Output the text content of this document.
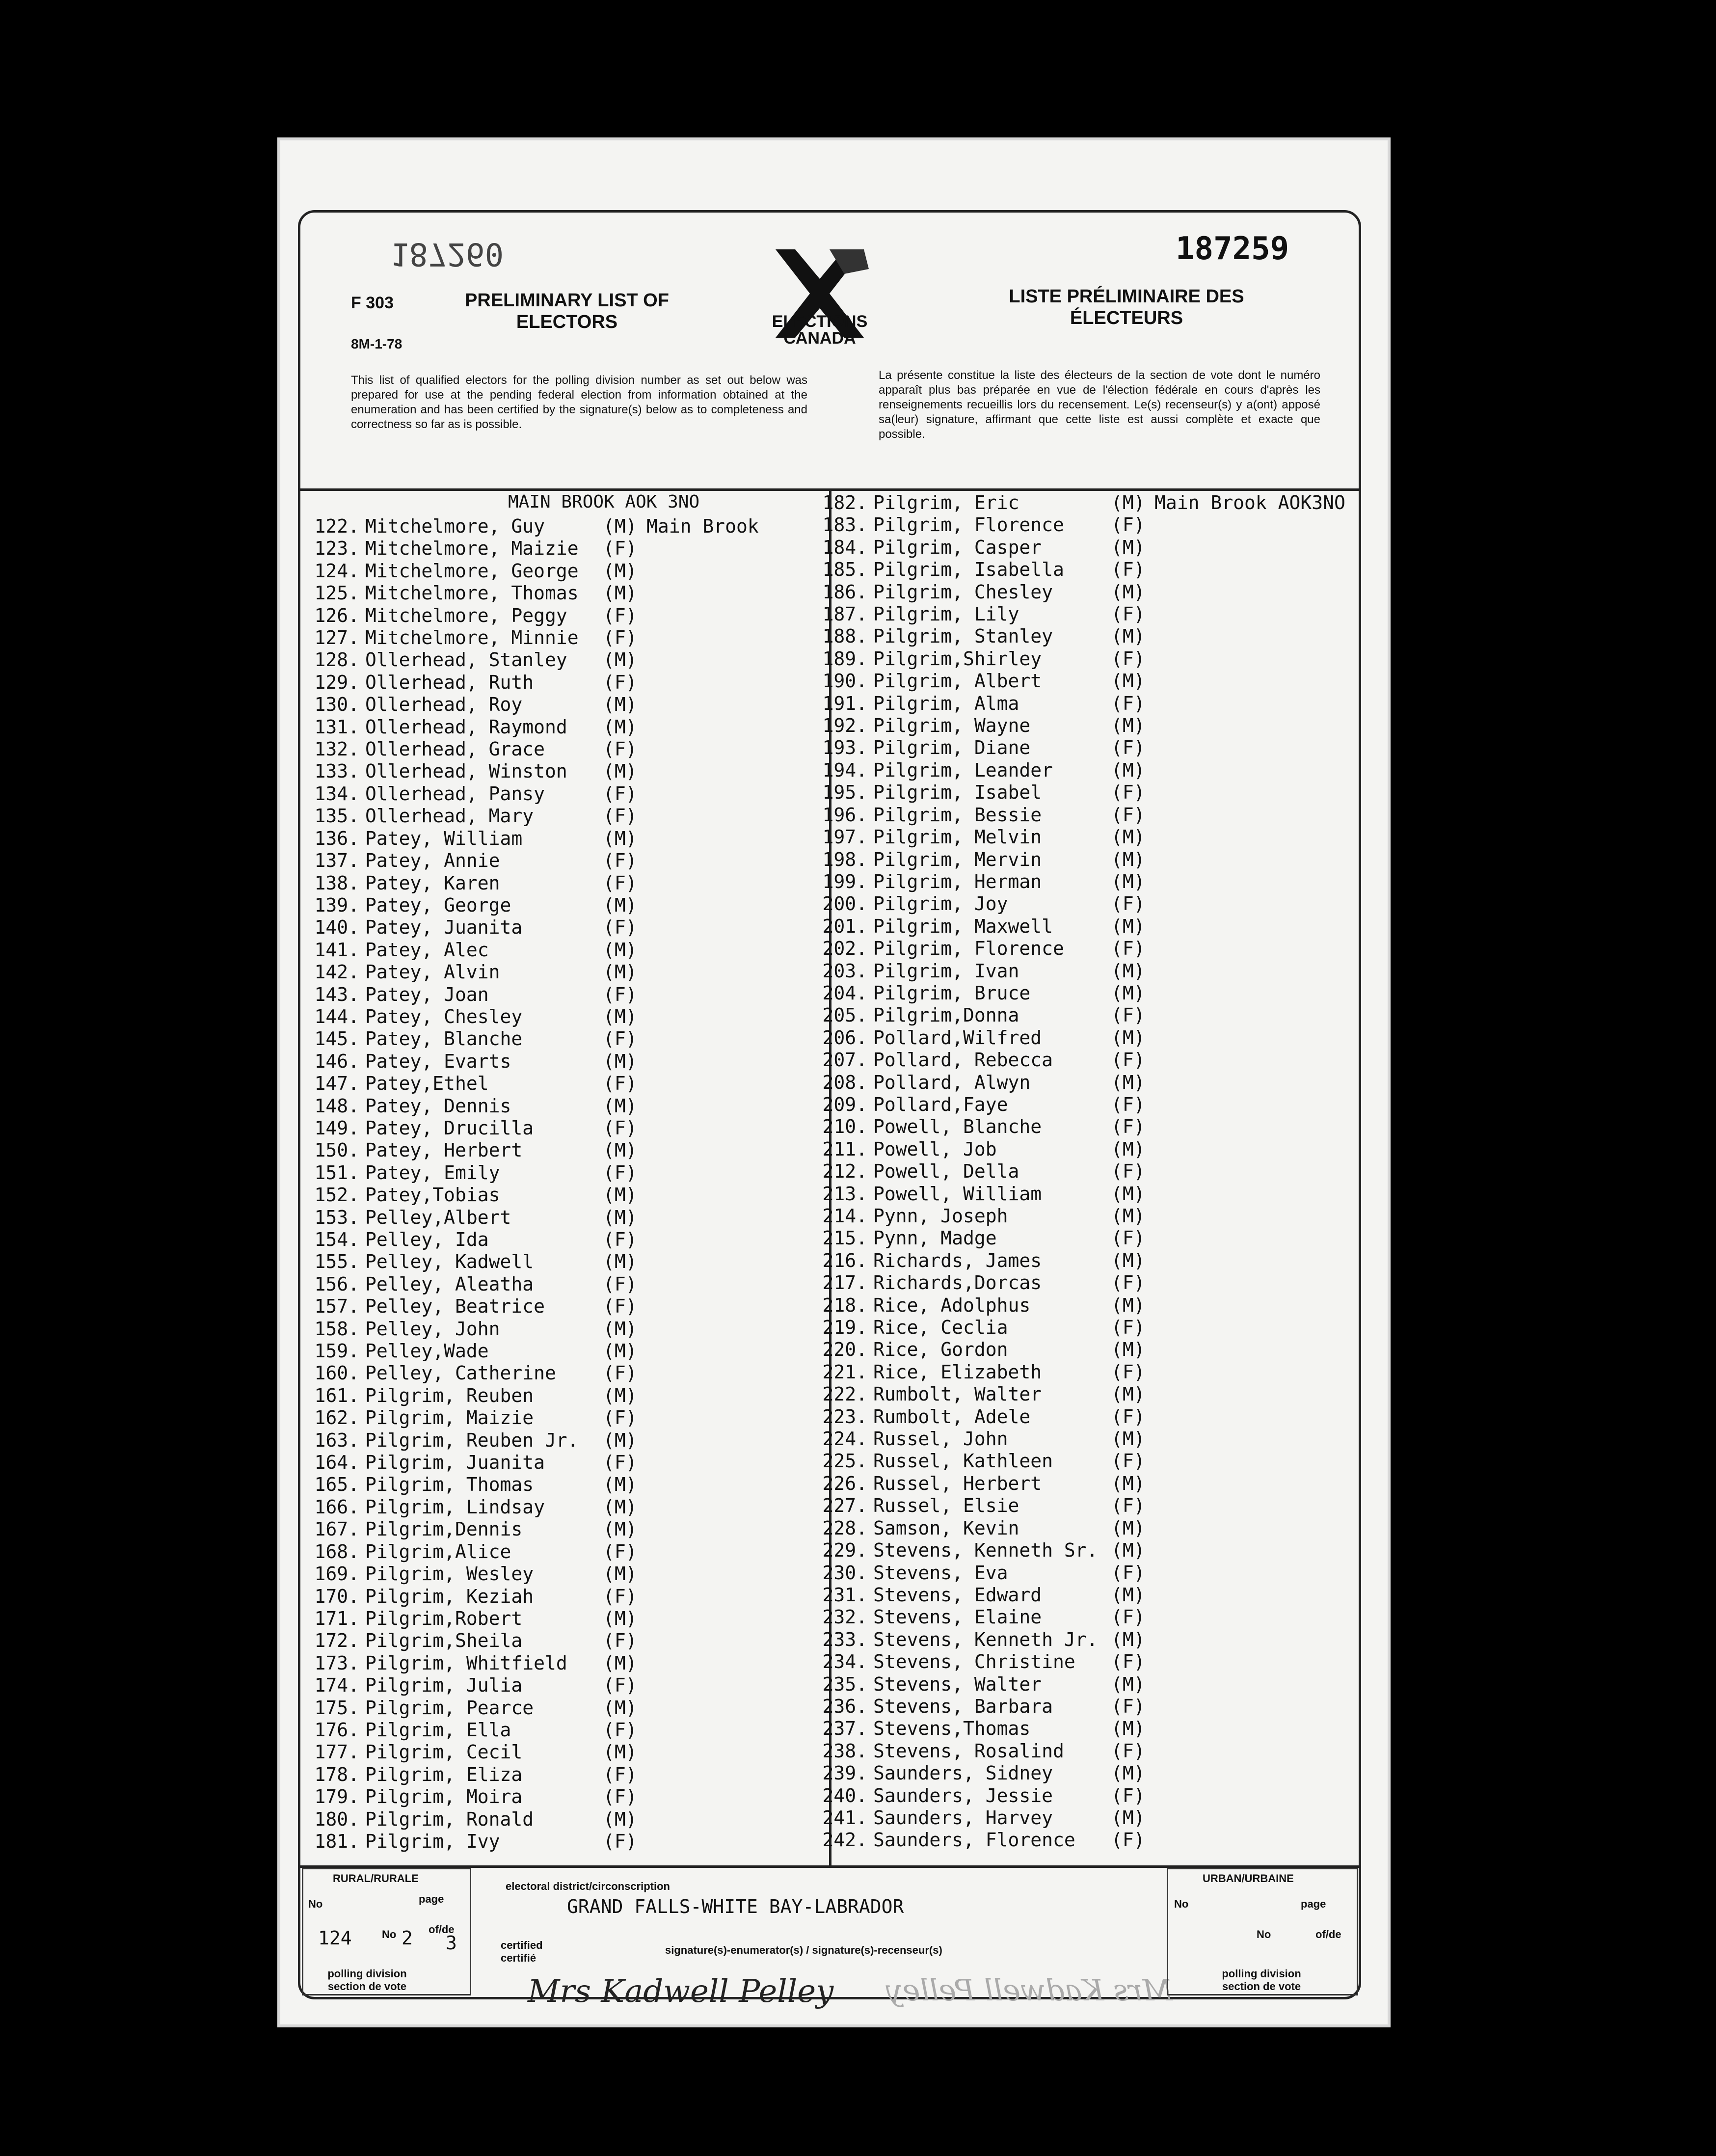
187260	187259
F 303
8M-1-78
PRELIMINARY LIST OF ELECTORS
LISTE PRÉLIMINAIRE DES ÉLECTEURS
ELECTIONS CANADA
This list of qualified electors for the polling division number as set out below was prepared for use at the pending federal election from information obtained at the enumeration and has been certified by the signature(s) below as to completeness and correctness so far as is possible.
La présente constitue la liste des électeurs de la section de vote dont le numéro apparaît plus bas préparée en vue de l'élection fédérale en cours d'après les renseignements recueillis lors du recensement. Le(s) recenseur(s) y a(ont) apposé sa(leur) signature, affirmant que cette liste est aussi complète et exacte que possible.
MAIN BROOK AOK 3NO
122. Mitchelmore, Guy	(M) Main Brook
123. Mitchelmore, Maizie	(F)
124. Mitchelmore, George	(M)
125. Mitchelmore, Thomas	(M)
126. Mitchelmore, Peggy	(F)
127. Mitchelmore, Minnie	(F)
128. Ollerhead, Stanley	(M)
129. Ollerhead, Ruth	(F)
130. Ollerhead, Roy	(M)
131. Ollerhead, Raymond	(M)
132. Ollerhead, Grace	(F)
133. Ollerhead, Winston	(M)
134. Ollerhead, Pansy	(F)
135. Ollerhead, Mary	(F)
136. Patey, William	(M)
137. Patey, Annie	(F)
138. Patey, Karen	(F)
139. Patey, George	(M)
140. Patey, Juanita	(F)
141. Patey, Alec	(M)
142. Patey, Alvin	(M)
143. Patey, Joan	(F)
144. Patey, Chesley	(M)
145. Patey, Blanche	(F)
146. Patey, Evarts	(M)
147. Patey,Ethel	(F)
148. Patey, Dennis	(M)
149. Patey, Drucilla	(F)
150. Patey, Herbert	(M)
151. Patey, Emily	(F)
152. Patey,Tobias	(M)
153. Pelley,Albert	(M)
154. Pelley, Ida	(F)
155. Pelley, Kadwell	(M)
156. Pelley, Aleatha	(F)
157. Pelley, Beatrice	(F)
158. Pelley, John	(M)
159. Pelley,Wade	(M)
160. Pelley, Catherine	(F)
161. Pilgrim, Reuben	(M)
162. Pilgrim, Maizie	(F)
163. Pilgrim, Reuben Jr.	(M)
164. Pilgrim, Juanita	(F)
165. Pilgrim, Thomas	(M)
166. Pilgrim, Lindsay	(M)
167. Pilgrim,Dennis	(M)
168. Pilgrim,Alice	(F)
169. Pilgrim, Wesley	(M)
170. Pilgrim, Keziah	(F)
171. Pilgrim,Robert	(M)
172. Pilgrim,Sheila	(F)
173. Pilgrim, Whitfield	(M)
174. Pilgrim, Julia	(F)
175. Pilgrim, Pearce	(M)
176. Pilgrim, Ella	(F)
177. Pilgrim, Cecil	(M)
178. Pilgrim, Eliza	(F)
179. Pilgrim, Moira	(F)
180. Pilgrim, Ronald	(M)
181. Pilgrim, Ivy	(F)
182. Pilgrim, Eric	(M) Main Brook AOK3NO
183. Pilgrim, Florence	(F)
184. Pilgrim, Casper	(M)
185. Pilgrim, Isabella	(F)
186. Pilgrim, Chesley	(M)
187. Pilgrim, Lily	(F)
188. Pilgrim, Stanley	(M)
189. Pilgrim,Shirley	(F)
190. Pilgrim, Albert	(M)
191. Pilgrim, Alma	(F)
192. Pilgrim, Wayne	(M)
193. Pilgrim, Diane	(F)
194. Pilgrim, Leander	(M)
195. Pilgrim, Isabel	(F)
196. Pilgrim, Bessie	(F)
197. Pilgrim, Melvin	(M)
198. Pilgrim, Mervin	(M)
199. Pilgrim, Herman	(M)
200. Pilgrim, Joy	(F)
201. Pilgrim, Maxwell	(M)
202. Pilgrim, Florence	(F)
203. Pilgrim, Ivan	(M)
204. Pilgrim, Bruce	(M)
205. Pilgrim,Donna	(F)
206. Pollard,Wilfred	(M)
207. Pollard, Rebecca	(F)
208. Pollard, Alwyn	(M)
209. Pollard,Faye	(F)
210. Powell, Blanche	(F)
211. Powell, Job	(M)
212. Powell, Della	(F)
213. Powell, William	(M)
214. Pynn, Joseph	(M)
215. Pynn, Madge	(F)
216. Richards, James	(M)
217. Richards,Dorcas	(F)
218. Rice, Adolphus	(M)
219. Rice, Ceclia	(F)
220. Rice, Gordon	(M)
221. Rice, Elizabeth	(F)
222. Rumbolt, Walter	(M)
223. Rumbolt, Adele	(F)
224. Russel, John	(M)
225. Russel, Kathleen	(F)
226. Russel, Herbert	(M)
227. Russel, Elsie	(F)
228. Samson, Kevin	(M)
229. Stevens, Kenneth Sr. (M)
230. Stevens, Eva	(F)
231. Stevens, Edward	(M)
232. Stevens, Elaine	(F)
233. Stevens, Kenneth Jr. (M)
234. Stevens, Christine	(F)
235. Stevens, Walter	(M)
236. Stevens, Barbara	(F)
237. Stevens,Thomas	(M)
238. Stevens, Rosalind	(F)
239. Saunders, Sidney	(M)
240. Saunders, Jessie	(F)
241. Saunders, Harvey	(M)
242. Saunders, Florence	(F)
RURAL/RURALE
No	page
124	No 2 of/de
3
polling division section de vote
electoral district/circonscription
GRAND FALLS-WHITE BAY-LABRADOR
certified certifié
signature(s)-enumerator(s) / signature(s)-recenseur(s)
Mrs Kadwell Pelley Mrs Kadwell Pelley
URBAN/URBAINE
No	page
No	of/de
polling division section de vote
